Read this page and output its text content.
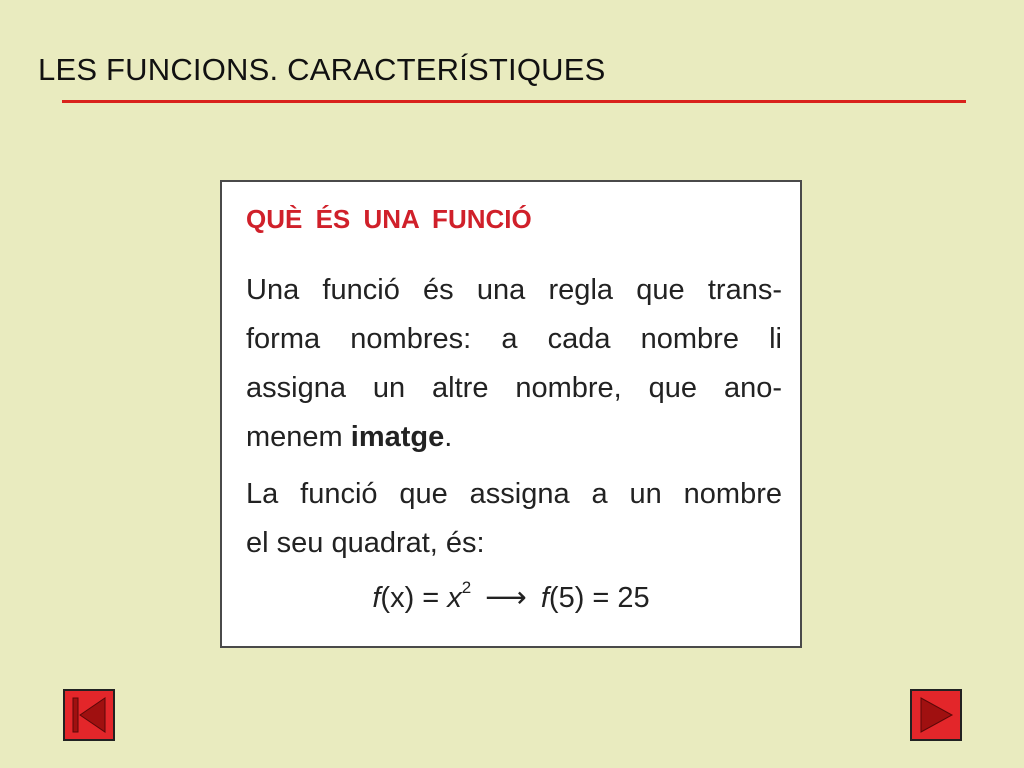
LES FUNCIONS. CARACTERÍSTIQUES
QUÈ ÉS UNA FUNCIÓ
Una funció és una regla que trans-
forma nombres: a cada nombre li
assigna un altre nombre, que ano-
menem imatge.
La funció que assigna a un nombre
el seu quadrat, és:
$f(x) = x^2$ ⟶ f(5) = 25
